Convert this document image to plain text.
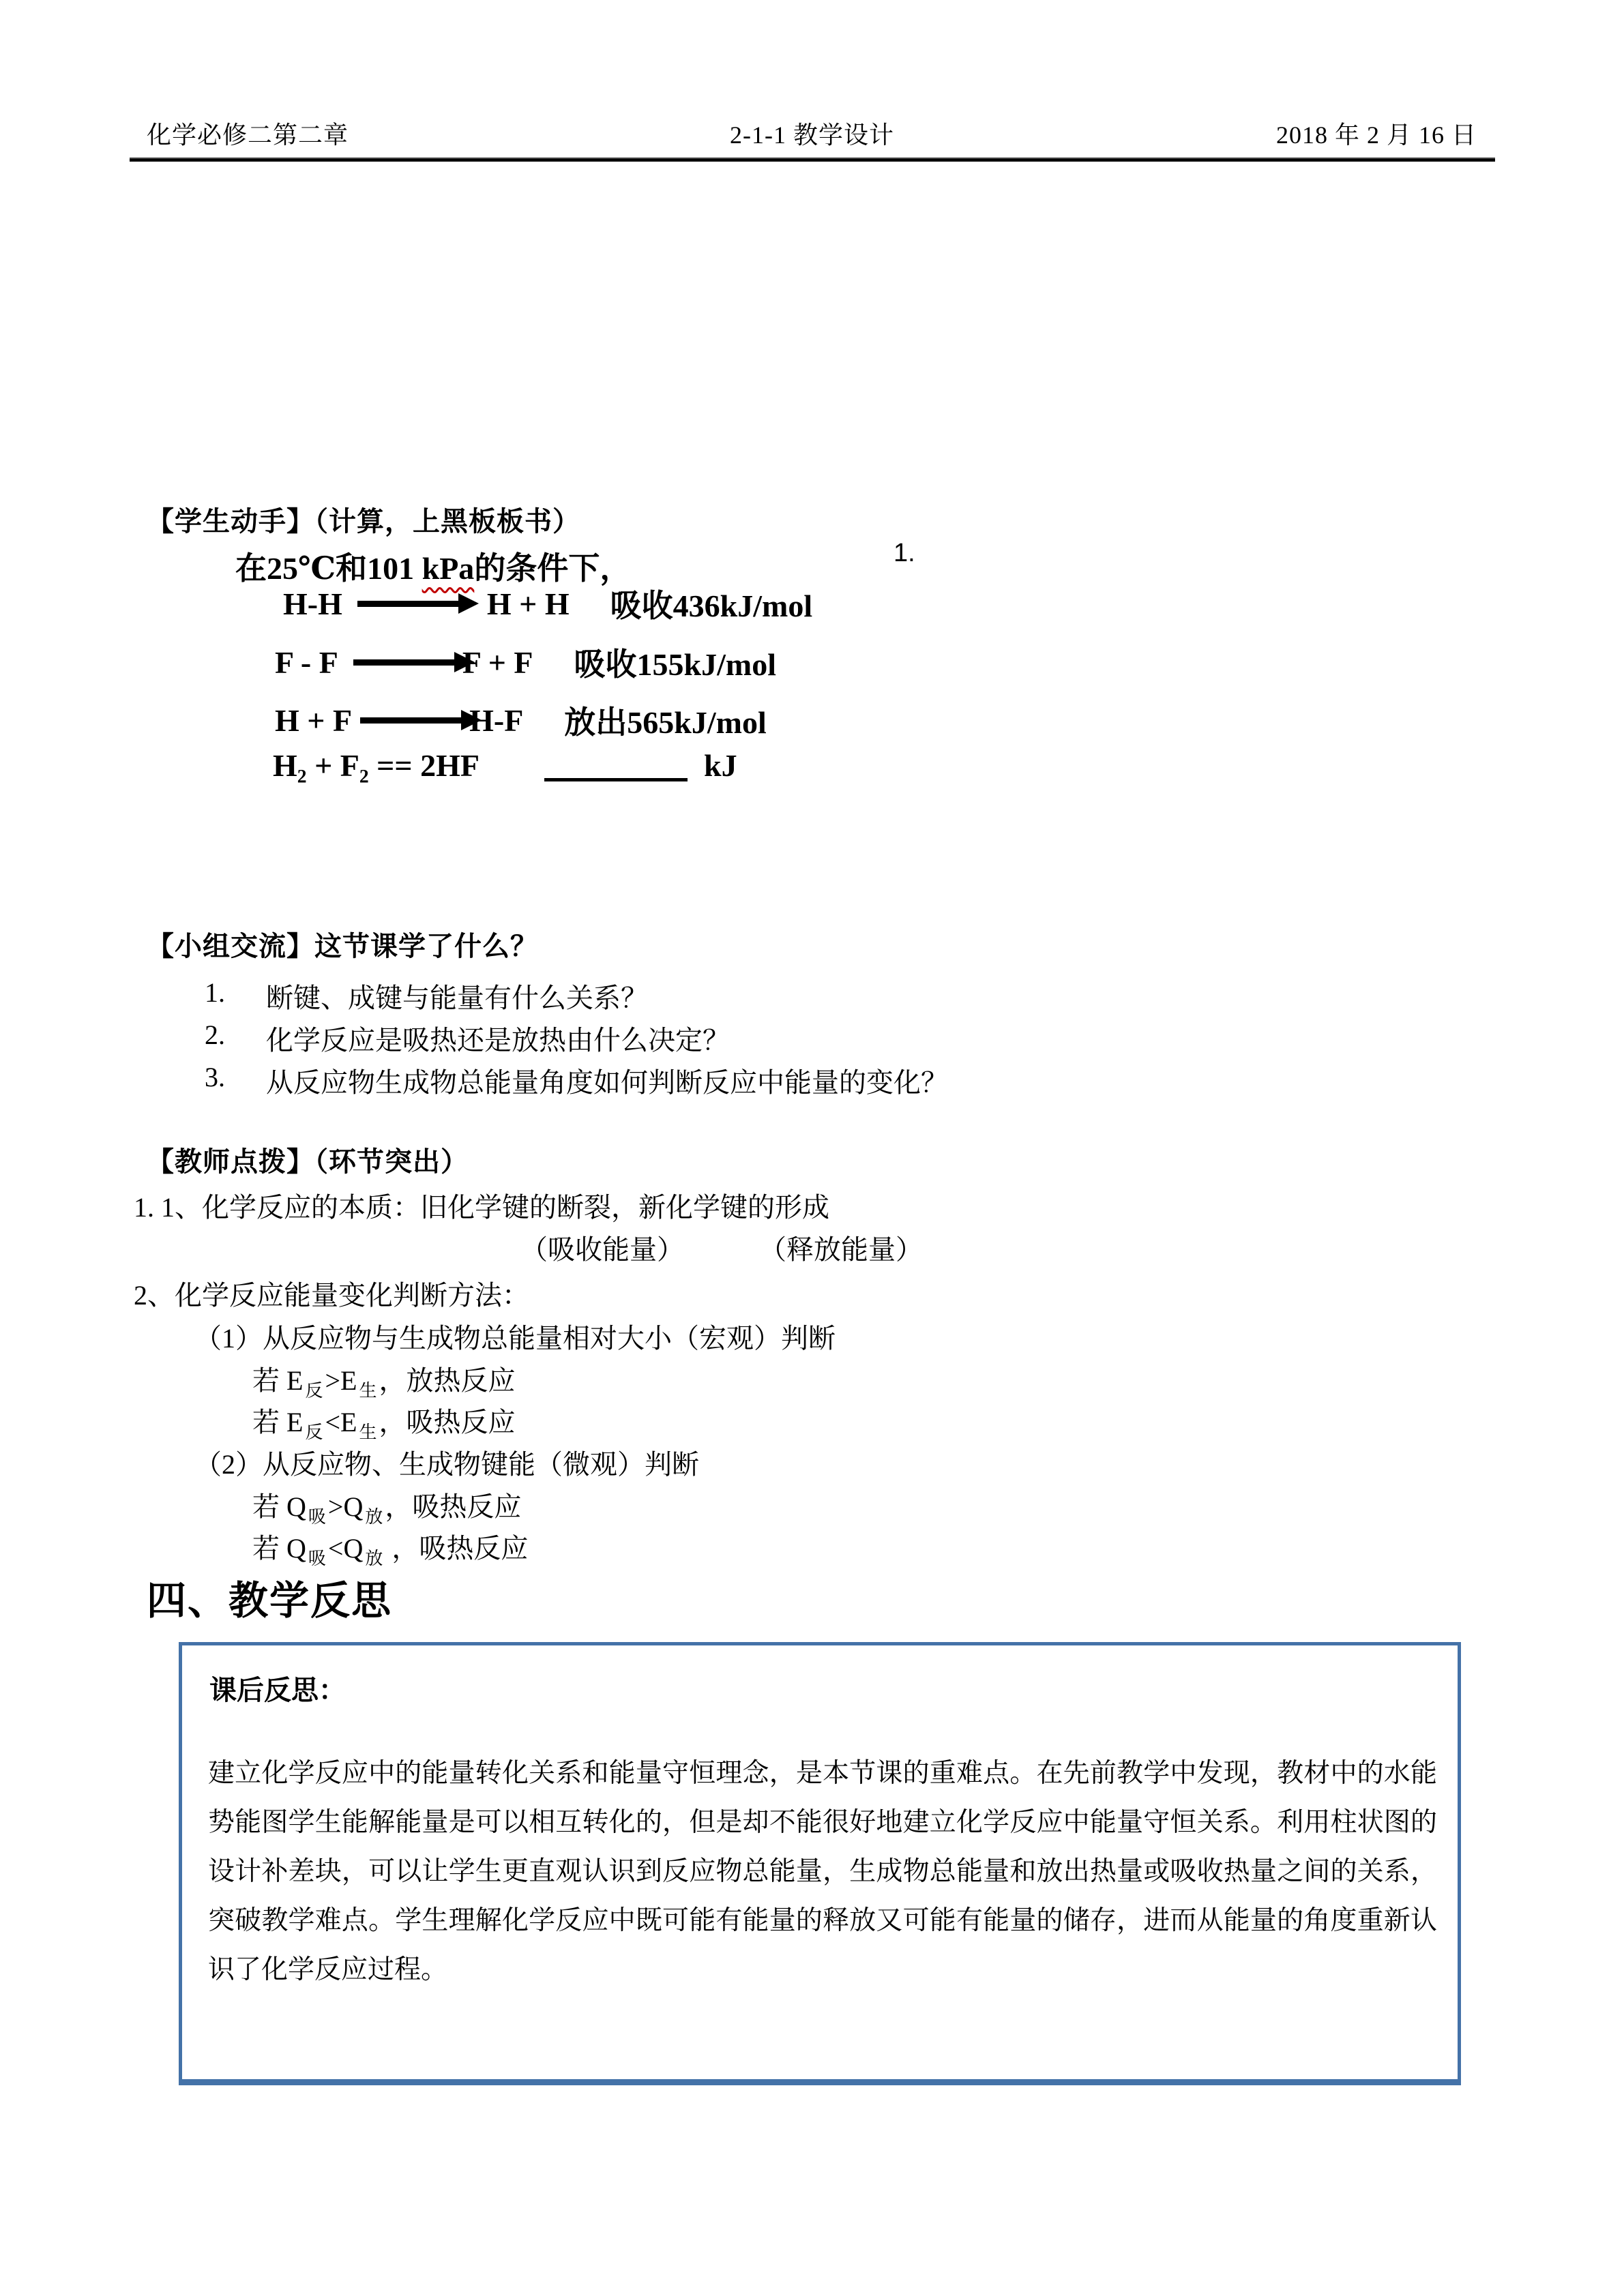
化学必修二第二章	2-1-1 教学设计	2018 年 2 月 16 日
【学生动手】（计算，上黑板板书）
在25℃和101 kPa的条件下，	1.
H-H → H + H 吸收436kJ/mol
F - F → F + F 吸收155kJ/mol
H + F → H-F 放出565kJ/mol
H₂ + F₂ == 2HF	kJ
【小组交流】这节课学了什么？
1.	断键、成键与能量有什么关系？
2.	化学反应是吸热还是放热由什么决定？
3.	从反应物生成物总能量角度如何判断反应中能量的变化？
【教师点拨】（环节突出）
1. 1、化学反应的本质：旧化学键的断裂，新化学键的形成
（吸收能量）	（释放能量）
2、化学反应能量变化判断方法：
（1）从反应物与生成物总能量相对大小（宏观）判断
若 E $_反$>E $_生$，放热反应
若 E $_反$<E $_生$，吸热反应
（2）从反应物、生成物键能（微观）判断
若 Q $_吸$>Q $_放$，吸热反应
若 Q $_吸$<Q $_放$ ，吸热反应
四、教学反思
课后反思：
建立化学反应中的能量转化关系和能量守恒理念，是本节课的重难点。在先前教学中发现，教材中的水能势能图学生能解能量是可以相互转化的，但是却不能很好地建立化学反应中能量守恒关系。利用柱状图的设计补差块，可以让学生更直观认识到反应物总能量，生成物总能量和放出热量或吸收热量之间的关系，突破教学难点。学生理解化学反应中既可能有能量的释放又可能有能量的储存，进而从能量的角度重新认识了化学反应过程。
